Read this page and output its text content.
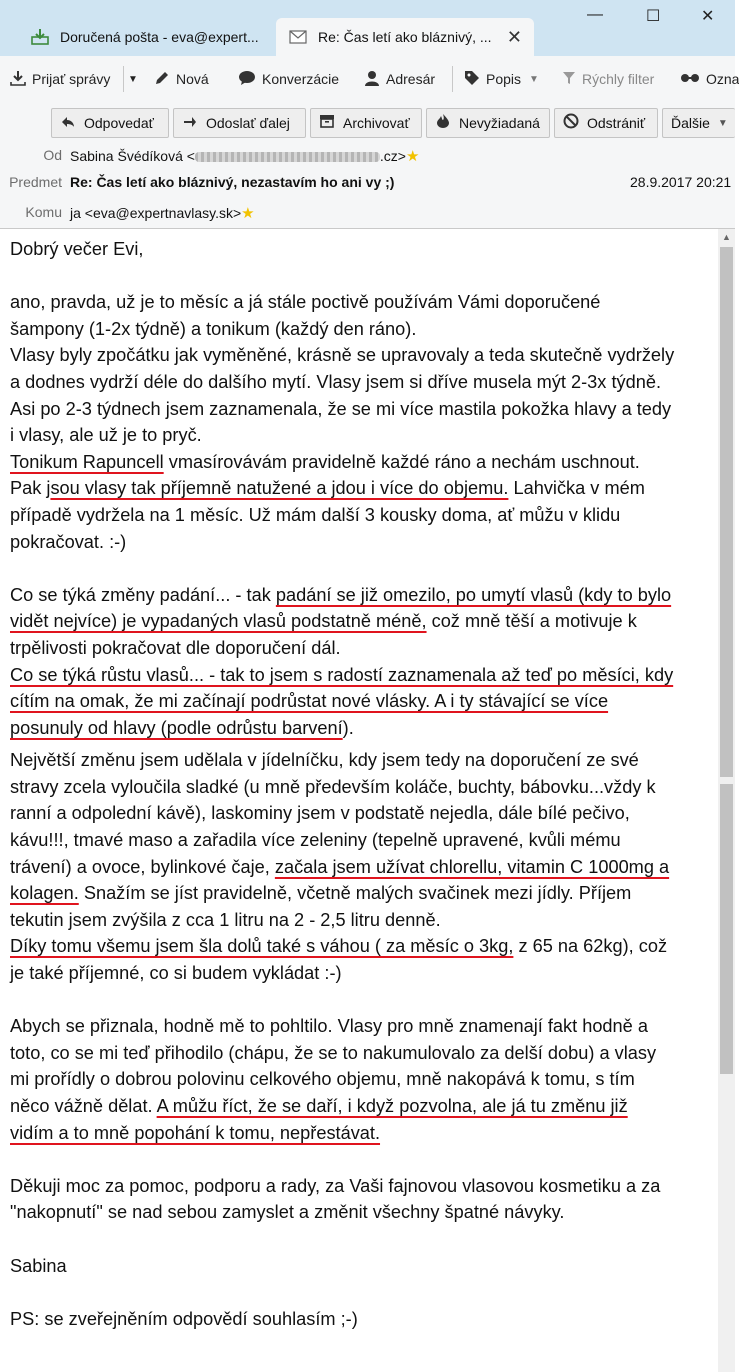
Doručená pošta - eva@expert...	Re: Čas letí ako bláznivý, ... ✕
—	☐	✕
Prijať správy ▼	Nová	Konverzácie	Adresár	Popis ▼	Rýchly filter	Ozna
Odpovedať	Odoslať ďalej	Archivovať	Nevyžiadaná	Odstrániť Ďalšie ▼
Od Sabina Švédíková <	.cz>★
Predmet Re: Čas letí ako bláznivý, nezastavím ho ani vy ;)	28.9.2017 20:21
Komu ja <eva@expertnavlasy.sk>★

Dobrý večer Evi,

ano, pravda, už je to měsíc a já stále poctivě používám Vámi doporučené

šampony (1-2x týdně) a tonikum (každý den ráno).

Vlasy byly zpočátku jak vyměněné, krásně se upravovaly a teda skutečně vydržely

a dodnes vydrží déle do dalšího mytí. Vlasy jsem si dříve musela mýt 2-3x týdně.

Asi po 2-3 týdnech jsem zaznamenala, že se mi více mastila pokožka hlavy a tedy

i vlasy, ale už je to pryč.

Tonikum Rapuncell vmasírovávám pravidelně každé ráno a nechám uschnout.

Pak jsou vlasy tak příjemně natužené a jdou i více do objemu. Lahvička v mém

případě vydržela na 1 měsíc. Už mám další 3 kousky doma, ať můžu v klidu

pokračovat. :-)

Co se týká změny padání... - tak padání se již omezilo, po umytí vlasů (kdy to bylo

vidět nejvíce) je vypadaných vlasů podstatně méně, což mně těší a motivuje k

trpělivosti pokračovat dle doporučení dál.

Co se týká růstu vlasů... - tak to jsem s radostí zaznamenala až teď po měsíci, kdy

cítím na omak, že mi začínají podrůstat nové vlásky. A i ty stávající se více

posunuly od hlavy (podle odrůstu barvení).

Největší změnu jsem udělala v jídelníčku, kdy jsem tedy na doporučení ze své

stravy zcela vyloučila sladké (u mně především koláče, buchty, bábovku...vždy k

ranní a odpolední kávě), laskominy jsem v podstatě nejedla, dále bílé pečivo,

kávu!!!, tmavé maso a zařadila více zeleniny (tepelně upravené, kvůli mému

trávení) a ovoce, bylinkové čaje, začala jsem užívat chlorellu, vitamin C 1000mg a

kolagen. Snažím se jíst pravidelně, včetně malých svačinek mezi jídly. Příjem

tekutin jsem zvýšila z cca 1 litru na 2 - 2,5 litru denně.

Díky tomu všemu jsem šla dolů také s váhou ( za měsíc o 3kg, z 65 na 62kg), což

je také příjemné, co si budem vykládat :-)

Abych se přiznala, hodně mě to pohltilo. Vlasy pro mně znamenají fakt hodně a

toto, co se mi teď přihodilo (chápu, že se to nakumulovalo za delší dobu) a vlasy

mi prořídly o dobrou polovinu celkového objemu, mně nakopává k tomu, s tím

něco vážně dělat. A můžu říct, že se daří, i když pozvolna, ale já tu změnu již

vidím a to mně popohání k tomu, nepřestávat.

Děkuji moc za pomoc, podporu a rady, za Vaši fajnovou vlasovou kosmetiku a za

"nakopnutí" se nad sebou zamyslet a změnit všechny špatné návyky.

Sabina

PS: se zveřejněním odpovědí souhlasím ;-)

▲
